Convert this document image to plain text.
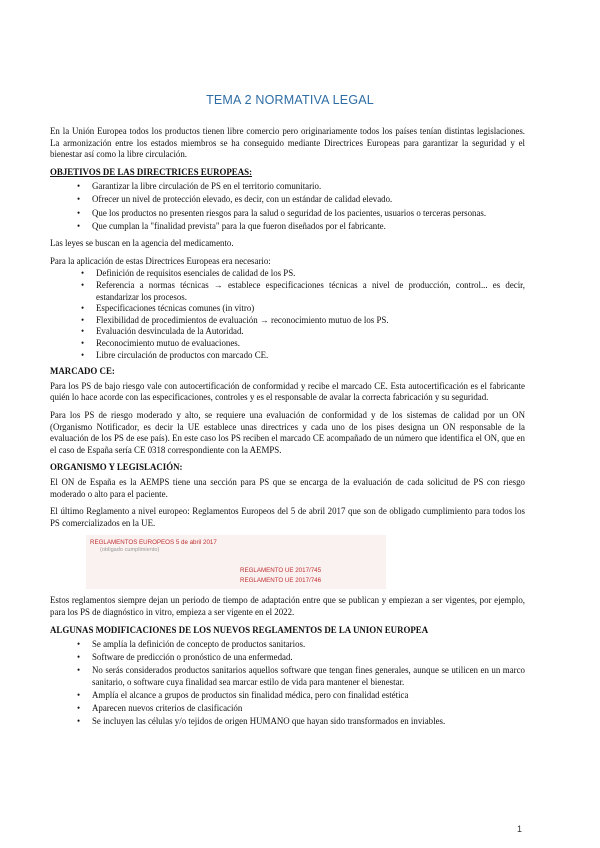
TEMA 2 NORMATIVA LEGAL

En la Unión Europea todos los productos tienen libre comercio pero originariamente todos los países tenían distintas legislaciones. La armonización entre los estados miembros se ha conseguido mediante Directrices Europeas para garantizar la seguridad y el bienestar así como la libre circulación.

OBJETIVOS DE LAS DIRECTRICES EUROPEAS:

• Garantizar la libre circulación de PS en el territorio comunitario.
• Ofrecer un nivel de protección elevado, es decir, con un estándar de calidad elevado.
• Que los productos no presenten riesgos para la salud o seguridad de los pacientes, usuarios o terceras personas.
• Que cumplan la "finalidad prevista" para la que fueron diseñados por el fabricante.

Las leyes se buscan en la agencia del medicamento.

Para la aplicación de estas Directrices Europeas era necesario:

• Definición de requisitos esenciales de calidad de los PS.
• Referencia a normas técnicas → establece especificaciones técnicas a nivel de producción, control... es decir, estandarizar los procesos.
• Especificaciones técnicas comunes (in vitro)
• Flexibilidad de procedimientos de evaluación → reconocimiento mutuo de los PS.
• Evaluación desvinculada de la Autoridad.
• Reconocimiento mutuo de evaluaciones.
• Libre circulación de productos con marcado CE.

MARCADO CE:

Para los PS de bajo riesgo vale con autocertificación de conformidad y recibe el marcado CE. Esta autocertificación es el fabricante quién lo hace acorde con las especificaciones, controles y es el responsable de avalar la correcta fabricación y su seguridad.

Para los PS de riesgo moderado y alto, se requiere una evaluación de conformidad y de los sistemas de calidad por un ON (Organismo Notificador, es decir la UE establece unas directrices y cada uno de los pises designa un ON responsable de la evaluación de los PS de ese país). En este caso los PS reciben el marcado CE acompañado de un número que identifica el ON, que en el caso de España sería CE 0318 correspondiente con la AEMPS.

ORGANISMO Y LEGISLACIÓN:

El ON de España es la AEMPS tiene una sección para PS que se encarga de la evaluación de cada solicitud de PS con riesgo moderado o alto para el paciente.

El último Reglamento a nivel europeo: Reglamentos Europeos del 5 de abril 2017 que son de obligado cumplimiento para todos los PS comercializados en la UE.

REGLAMENTOS EUROPEOS 5 de abril 2017
(obligado cumplimiento)
REGLAMENTO UE 2017/745
REGLAMENTO UE 2017/746

Estos reglamentos siempre dejan un periodo de tiempo de adaptación entre que se publican y empiezan a ser vigentes, por ejemplo, para los PS de diagnóstico in vitro, empieza a ser vigente en el 2022.

ALGUNAS MODIFICACIONES DE LOS NUEVOS REGLAMENTOS DE LA UNION EUROPEA

• Se amplía la definición de concepto de productos sanitarios.
• Software de predicción o pronóstico de una enfermedad.
• No serás considerados productos sanitarios aquellos software que tengan fines generales, aunque se utilicen en un marco sanitario, o software cuya finalidad sea marcar estilo de vida para mantener el bienestar.
• Amplía el alcance a grupos de productos sin finalidad médica, pero con finalidad estética
• Aparecen nuevos criterios de clasificación
• Se incluyen las células y/o tejidos de origen HUMANO que hayan sido transformados en inviables.
1
